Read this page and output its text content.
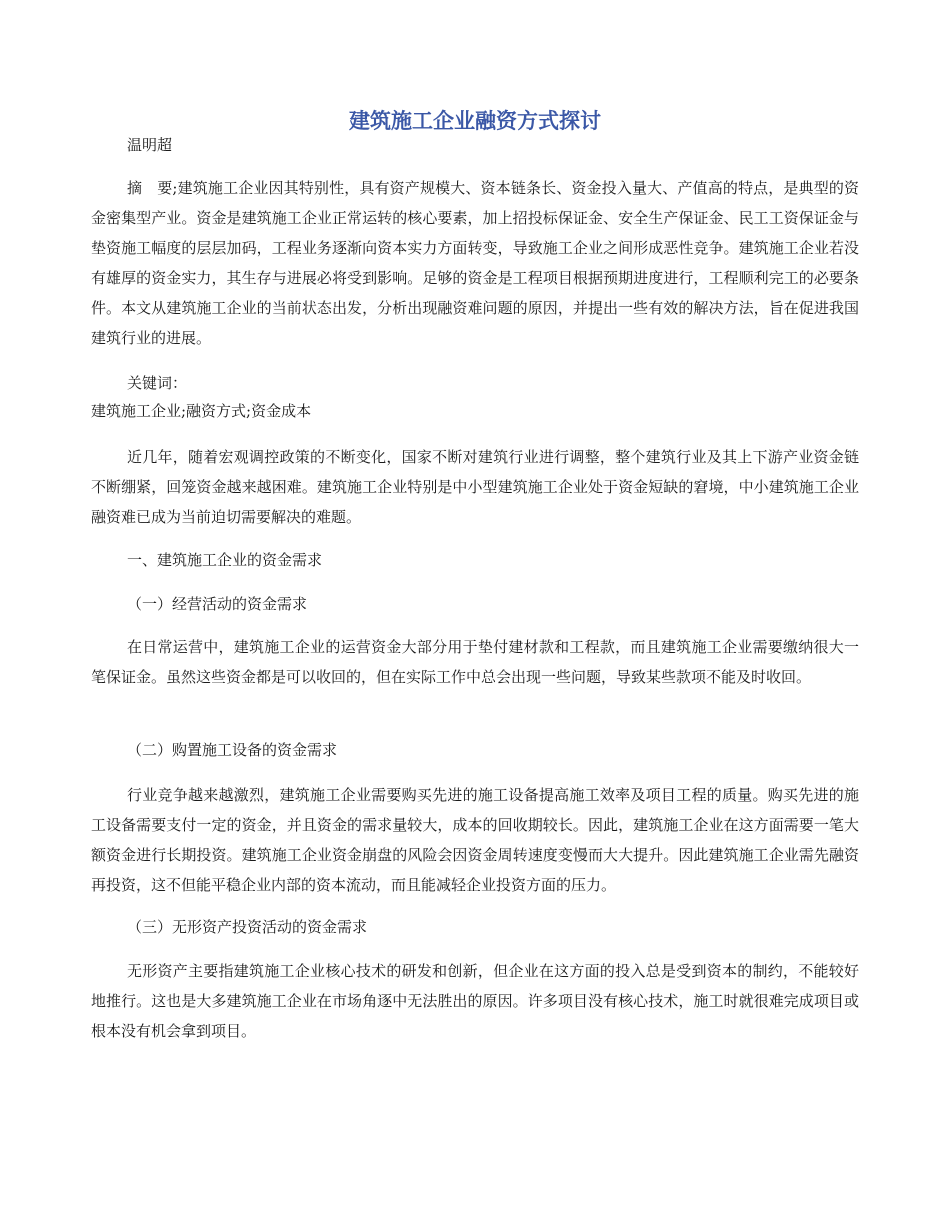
建筑施工企业融资方式探讨
温明超
摘　要;建筑施工企业因其特别性，具有资产规模大、资本链条长、资金投入量大、产值高的特点，是典型的资金密集型产业。资金是建筑施工企业正常运转的核心要素，加上招投标保证金、安全生产保证金、民工工资保证金与垫资施工幅度的层层加码，工程业务逐渐向资本实力方面转变，导致施工企业之间形成恶性竞争。建筑施工企业若没有雄厚的资金实力，其生存与进展必将受到影响。足够的资金是工程项目根据预期进度进行，工程顺利完工的必要条件。本文从建筑施工企业的当前状态出发，分析出现融资难问题的原因，并提出一些有效的解决方法，旨在促进我国建筑行业的进展。
关键词：
建筑施工企业;融资方式;资金成本
近几年，随着宏观调控政策的不断变化，国家不断对建筑行业进行调整，整个建筑行业及其上下游产业资金链不断绷紧，回笼资金越来越困难。建筑施工企业特别是中小型建筑施工企业处于资金短缺的窘境，中小建筑施工企业融资难已成为当前迫切需要解决的难题。
一、建筑施工企业的资金需求
（一）经营活动的资金需求
在日常运营中，建筑施工企业的运营资金大部分用于垫付建材款和工程款，而且建筑施工企业需要缴纳很大一笔保证金。虽然这些资金都是可以收回的，但在实际工作中总会出现一些问题，导致某些款项不能及时收回。
（二）购置施工设备的资金需求
行业竞争越来越激烈，建筑施工企业需要购买先进的施工设备提高施工效率及项目工程的质量。购买先进的施工设备需要支付一定的资金，并且资金的需求量较大，成本的回收期较长。因此，建筑施工企业在这方面需要一笔大额资金进行长期投资。建筑施工企业资金崩盘的风险会因资金周转速度变慢而大大提升。因此建筑施工企业需先融资再投资，这不但能平稳企业内部的资本流动，而且能减轻企业投资方面的压力。
（三）无形资产投资活动的资金需求
无形资产主要指建筑施工企业核心技术的研发和创新，但企业在这方面的投入总是受到资本的制约，不能较好地推行。这也是大多建筑施工企业在市场角逐中无法胜出的原因。许多项目没有核心技术，施工时就很难完成项目或根本没有机会拿到项目。
